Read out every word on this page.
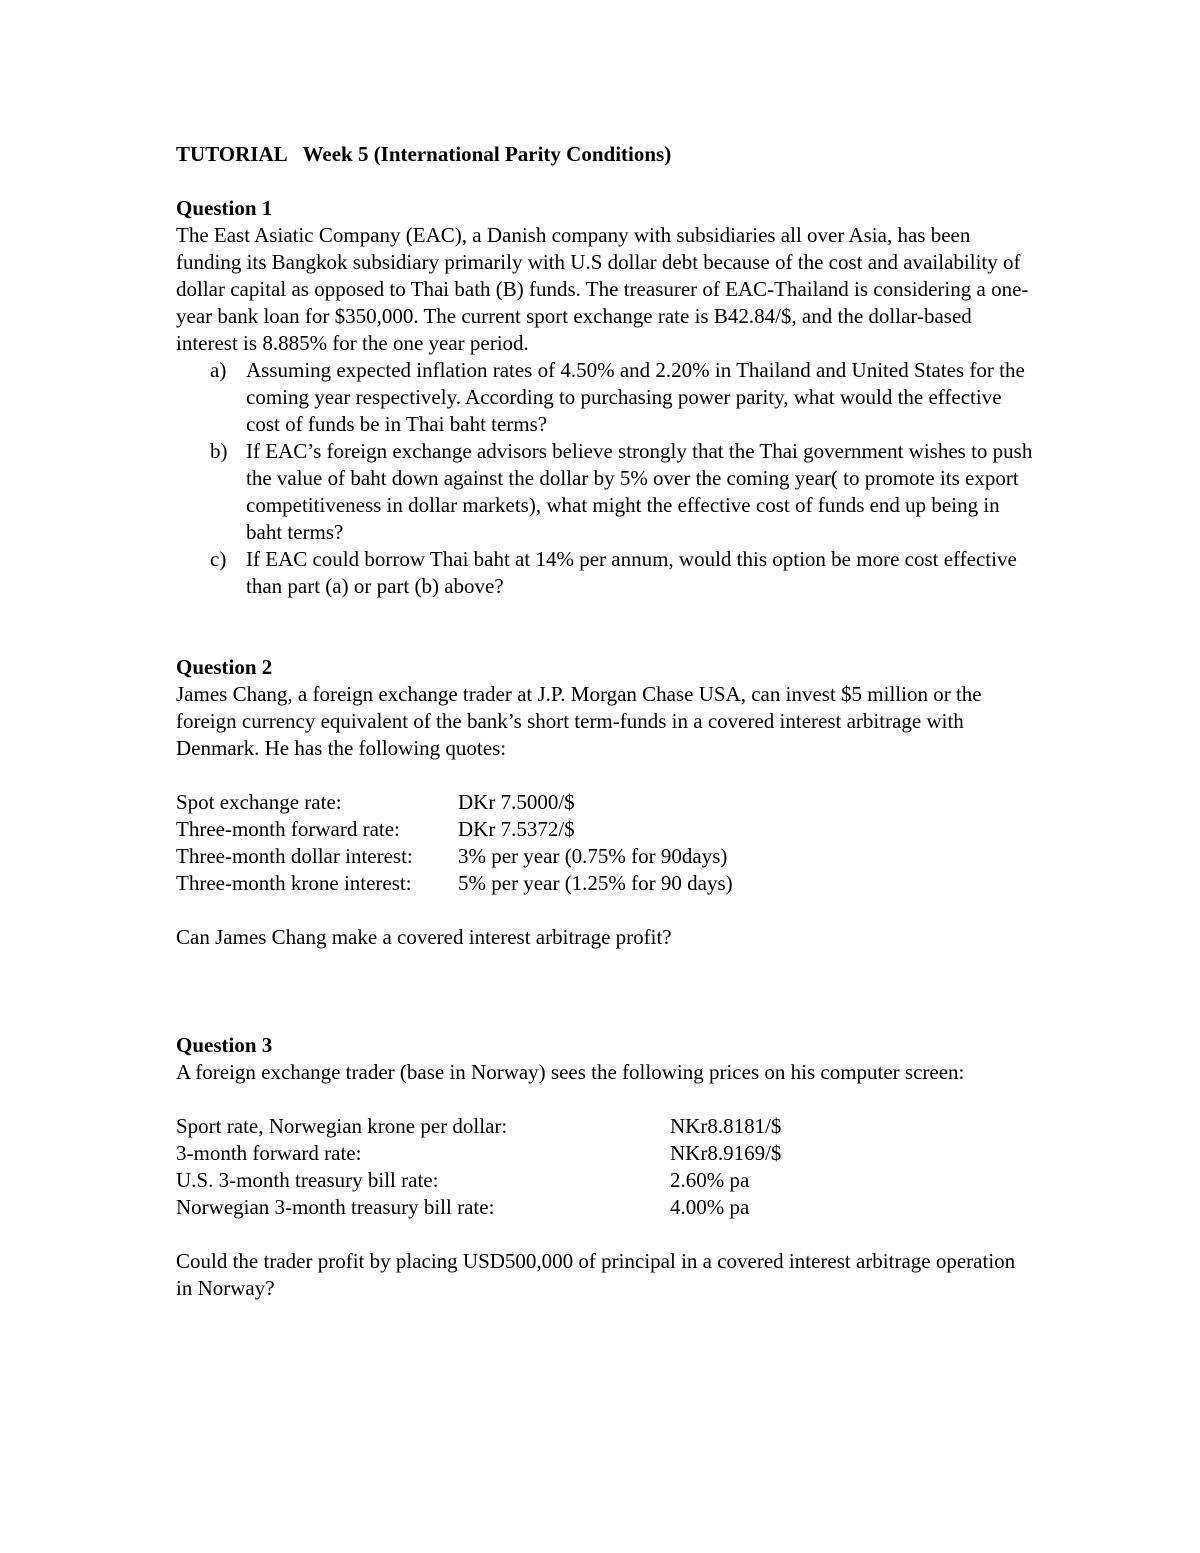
TUTORIAL Week 5 (International Parity Conditions)

Question 1

The East Asiatic Company (EAC), a Danish company with subsidiaries all over Asia, has been funding its Bangkok subsidiary primarily with U.S dollar debt because of the cost and availability of dollar capital as opposed to Thai bath (B) funds. The treasurer of EAC-Thailand is considering a one-year bank loan for $350,000. The current sport exchange rate is B42.84/$, and the dollar-based interest is 8.885% for the one year period.

a) Assuming expected inflation rates of 4.50% and 2.20% in Thailand and United States for the coming year respectively. According to purchasing power parity, what would the effective cost of funds be in Thai baht terms?
b) If EAC’s foreign exchange advisors believe strongly that the Thai government wishes to push the value of baht down against the dollar by 5% over the coming year( to promote its export competitiveness in dollar markets), what might the effective cost of funds end up being in baht terms?
c) If EAC could borrow Thai baht at 14% per annum, would this option be more cost effective than part (a) or part (b) above?

Question 2

James Chang, a foreign exchange trader at J.P. Morgan Chase USA, can invest $5 million or the foreign currency equivalent of the bank’s short term-funds in a covered interest arbitrage with Denmark. He has the following quotes:

Spot exchange rate:	DKr 7.5000/$
Three-month forward rate:	DKr 7.5372/$
Three-month dollar interest:	3% per year (0.75% for 90days)
Three-month krone interest:	5% per year (1.25% for 90 days)

Can James Chang make a covered interest arbitrage profit?

Question 3

A foreign exchange trader (base in Norway) sees the following prices on his computer screen:

Sport rate, Norwegian krone per dollar:	NKr8.8181/$
3-month forward rate:	NKr8.9169/$
U.S. 3-month treasury bill rate:	2.60% pa
Norwegian 3-month treasury bill rate:	4.00% pa

Could the trader profit by placing USD500,000 of principal in a covered interest arbitrage operation in Norway?
